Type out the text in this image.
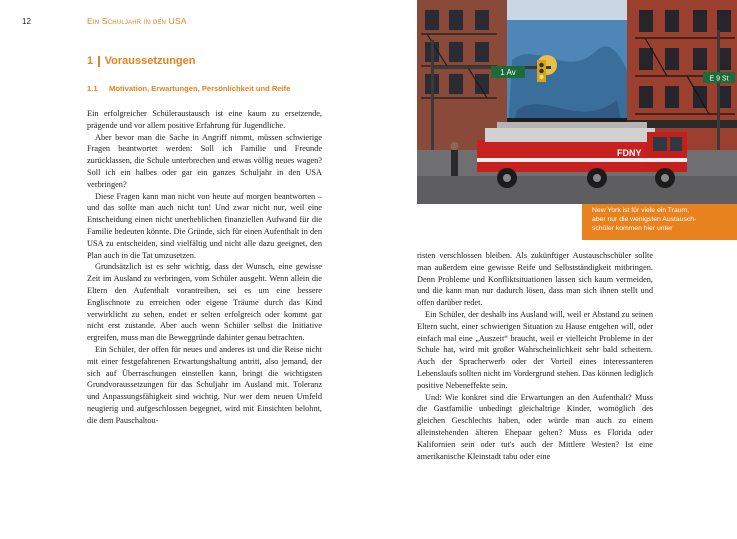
12	Ein Schuljahr in den USA
1 Voraussetzungen
1.1 Motivation, Erwartungen, Persönlichkeit und Reife

Ein erfolgreicher Schüleraustausch ist eine kaum zu ersetzende, prägende und vor allem positive Erfahrung für Jugendliche.

Aber bevor man die Sache in Angriff nimmt, müssen schwierige Fragen beantwortet werden: Soll ich Familie und Freunde zurücklassen, die Schule unterbrechen und etwas völlig neues wagen? Soll ich ein halbes oder gar ein ganzes Schuljahr in den USA verbringen?

Diese Fragen kann man nicht von heute auf morgen beantworten – und das sollte man auch nicht tun! Und zwar nicht nur, weil eine Entscheidung einen nicht unerheblichen finanziellen Aufwand für die Familie bedeuten könnte. Die Gründe, sich für einen Aufenthalt in den USA zu entscheiden, sind vielfältig und nicht alle dazu geeignet, den Plan auch in die Tat umzusetzen.

Grundsätzlich ist es sehr wichtig, dass der Wunsch, eine gewisse Zeit im Ausland zu verbringen, vom Schüler ausgeht. Wenn allein die Eltern den Aufenthalt vorantreiben, sei es um eine bessere Englischnote zu erreichen oder eigene Träume durch das Kind verwirklicht zu sehen, endet er selten erfolgreich oder kommt gar nicht erst zustande. Aber auch wenn Schüler selbst die Initiative ergreifen, muss man die Beweggründe dahinter genau betrachten.

Ein Schüler, der offen für neues und anderes ist und die Reise nicht mit einer festgefahrenen Erwartungshaltung antritt, also jemand, der sich auf Überraschungen einstellen kann, bringt die wichtigsten Grundvoraussetzungen für das Schuljahr im Ausland mit. Toleranz und Anpassungsfähigkeit sind wichtig. Nur wer dem neuen Umfeld neugierig und aufgeschlossen begegnet, wird mit Einsichten belohnt, die dem Pauschaltou-

1 Av
E 9 St
FDNY
New York ist für viele ein Traum,
aber nur die wenigsten Austausch-
schüler kommen hier unter

risten verschlossen bleiben. Als zukünftiger Austauschschüler sollte man außerdem eine gewisse Reife und Selbstständigkeit mitbringen. Denn Probleme und Konfliktsituationen lassen sich kaum vermeiden, und die kann man nur dadurch lösen, dass man sich ihnen stellt und offen darüber redet.

Ein Schüler, der deshalb ins Ausland will, weil er Abstand zu seinen Eltern sucht, einer schwierigen Situation zu Hause entgehen will, oder einfach mal eine „Auszeit“ braucht, weil er vielleicht Probleme in der Schule hat, wird mit großer Wahrscheinlichkeit sehr bald scheitern. Auch der Spracherwerb oder der Vorteil eines interessanteren Lebenslaufs sollten nicht im Vordergrund stehen. Das können lediglich positive Nebeneffekte sein.

Und: Wie konkret sind die Erwartungen an den Aufenthalt? Muss die Gastfamilie unbedingt gleichaltrige Kinder, womöglich des gleichen Geschlechts haben, oder würde man auch zu einem alleinstehenden älteren Ehepaar gehen? Muss es Florida oder Kalifornien sein oder tut's auch der Mittlere Westen? Ist eine amerikanische Kleinstadt tabu oder eine
